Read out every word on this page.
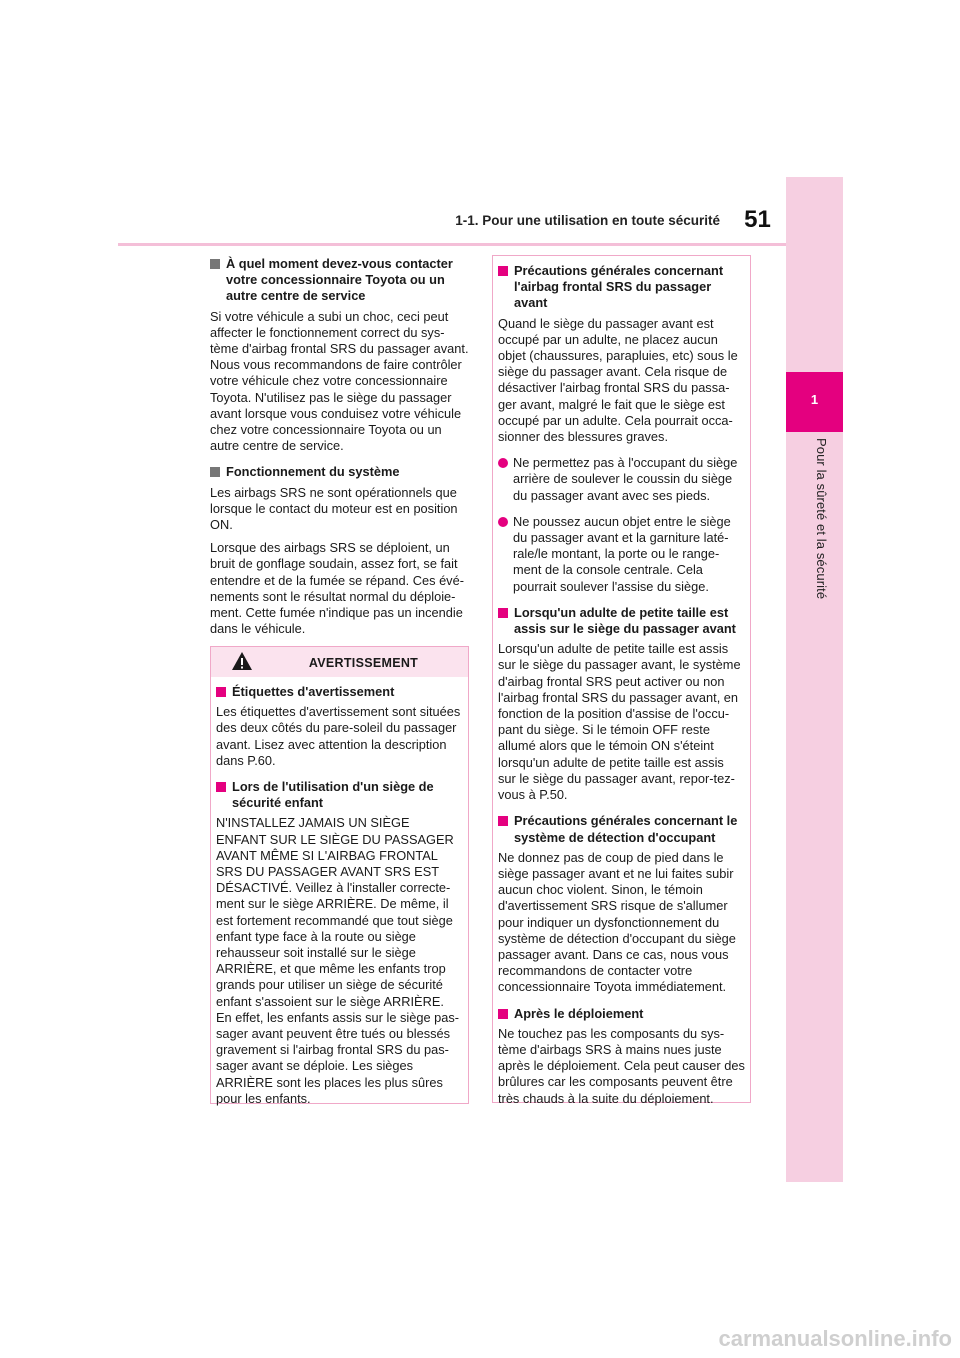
1-1. Pour une utilisation en toute sécurité	51
1
Pour la sûreté et la sécurité
À quel moment devez-vous contacter votre concessionnaire Toyota ou un autre centre de service

Si votre véhicule a subi un choc, ceci peut affecter le fonctionnement correct du sys-tème d'airbag frontal SRS du passager avant. Nous vous recommandons de faire contrôler votre véhicule chez votre concessionnaire Toyota. N'utilisez pas le siège du passager avant lorsque vous conduisez votre véhicule chez votre concessionnaire Toyota ou un autre centre de service.

Fonctionnement du système

Les airbags SRS ne sont opérationnels que lorsque le contact du moteur est en position ON.

Lorsque des airbags SRS se déploient, un bruit de gonflage soudain, assez fort, se fait entendre et de la fumée se répand. Ces évé-nements sont le résultat normal du déploie-ment. Cette fumée n'indique pas un incendie dans le véhicule.

AVERTISSEMENT
Étiquettes d'avertissement

Les étiquettes d'avertissement sont situées des deux côtés du pare-soleil du passager avant. Lisez avec attention la description dans P.60.

Lors de l'utilisation d'un siège de sécurité enfant

N'INSTALLEZ JAMAIS UN SIÈGE ENFANT SUR LE SIÈGE DU PASSAGER AVANT MÊME SI L'AIRBAG FRONTAL SRS DU PASSAGER AVANT SRS EST DÉSACTIVÉ. Veillez à l'installer correcte-ment sur le siège ARRIÈRE. De même, il est fortement recommandé que tout siège enfant type face à la route ou siège rehausseur soit installé sur le siège ARRIÈRE, et que même les enfants trop grands pour utiliser un siège de sécurité enfant s'assoient sur le siège ARRIÈRE. En effet, les enfants assis sur le siège pas-sager avant peuvent être tués ou blessés gravement si l'airbag frontal SRS du pas-sager avant se déploie. Les sièges ARRIÈRE sont les places les plus sûres pour les enfants.

Précautions générales concernant l'airbag frontal SRS du passager avant

Quand le siège du passager avant est occupé par un adulte, ne placez aucun objet (chaussures, parapluies, etc) sous le siège du passager avant. Cela risque de désactiver l'airbag frontal SRS du passa-ger avant, malgré le fait que le siège est occupé par un adulte. Cela pourrait occa-sionner des blessures graves.

Ne permettez pas à l'occupant du siège arrière de soulever le coussin du siège du passager avant avec ses pieds.
Ne poussez aucun objet entre le siège du passager avant et la garniture laté-rale/le montant, la porte ou le range-ment de la console centrale. Cela pourrait soulever l'assise du siège.
Lorsqu'un adulte de petite taille est assis sur le siège du passager avant

Lorsqu'un adulte de petite taille est assis sur le siège du passager avant, le système d'airbag frontal SRS peut activer ou non l'airbag frontal SRS du passager avant, en fonction de la position d'assise de l'occu-pant du siège. Si le témoin OFF reste allumé alors que le témoin ON s'éteint lorsqu'un adulte de petite taille est assis sur le siège du passager avant, repor-tez-vous à P.50.

Précautions générales concernant le système de détection d'occupant

Ne donnez pas de coup de pied dans le siège passager avant et ne lui faites subir aucun choc violent. Sinon, le témoin d'avertissement SRS risque de s'allumer pour indiquer un dysfonctionnement du système de détection d'occupant du siège passager avant. Dans ce cas, nous vous recommandons de contacter votre concessionnaire Toyota immédiatement.

Après le déploiement

Ne touchez pas les composants du sys-tème d'airbags SRS à mains nues juste après le déploiement. Cela peut causer des brûlures car les composants peuvent être très chauds à la suite du déploiement.

carmanualsonline.info
